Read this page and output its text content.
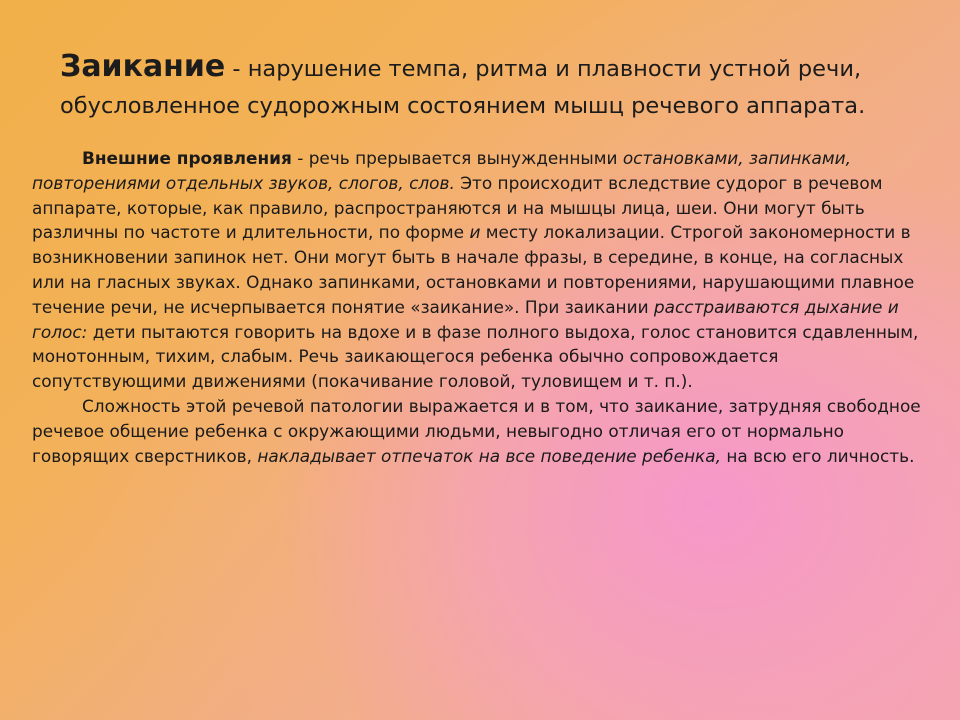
Заикание - нарушение темпа, ритма и плавности устной речи, обусловленное судорожным состоянием мышц речевого аппарата.

Внешние проявления - речь прерывается вынужденными остановками, запинками, повторениями отдельных звуков, слогов, слов. Это происходит вследствие судорог в речевом аппарате, которые, как правило, распространяются и на мышцы лица, шеи. Они могут быть различны по частоте и длительности, по форме и месту локализации. Строгой закономерности в возникновении запинок нет. Они могут быть в начале фразы, в середине, в конце, на согласных или на гласных звуках. Однако запинками, остановками и повторениями, нарушающими плавное течение речи, не исчерпывается понятие «заикание». При заикании расстраиваются дыхание и голос: дети пытаются говорить на вдохе и в фазе полного выдоха, голос становится сдавленным, монотонным, тихим, слабым. Речь заикающегося ребенка обычно сопровождается сопутствующими движениями (покачивание головой, туловищем и т. п.).

Сложность этой речевой патологии выражается и в том, что заикание, затрудняя свободное речевое общение ребенка с окружающими людьми, невыгодно отличая его от нормально говорящих сверстников, накладывает отпечаток на все поведение ребенка, на всю его личность.
